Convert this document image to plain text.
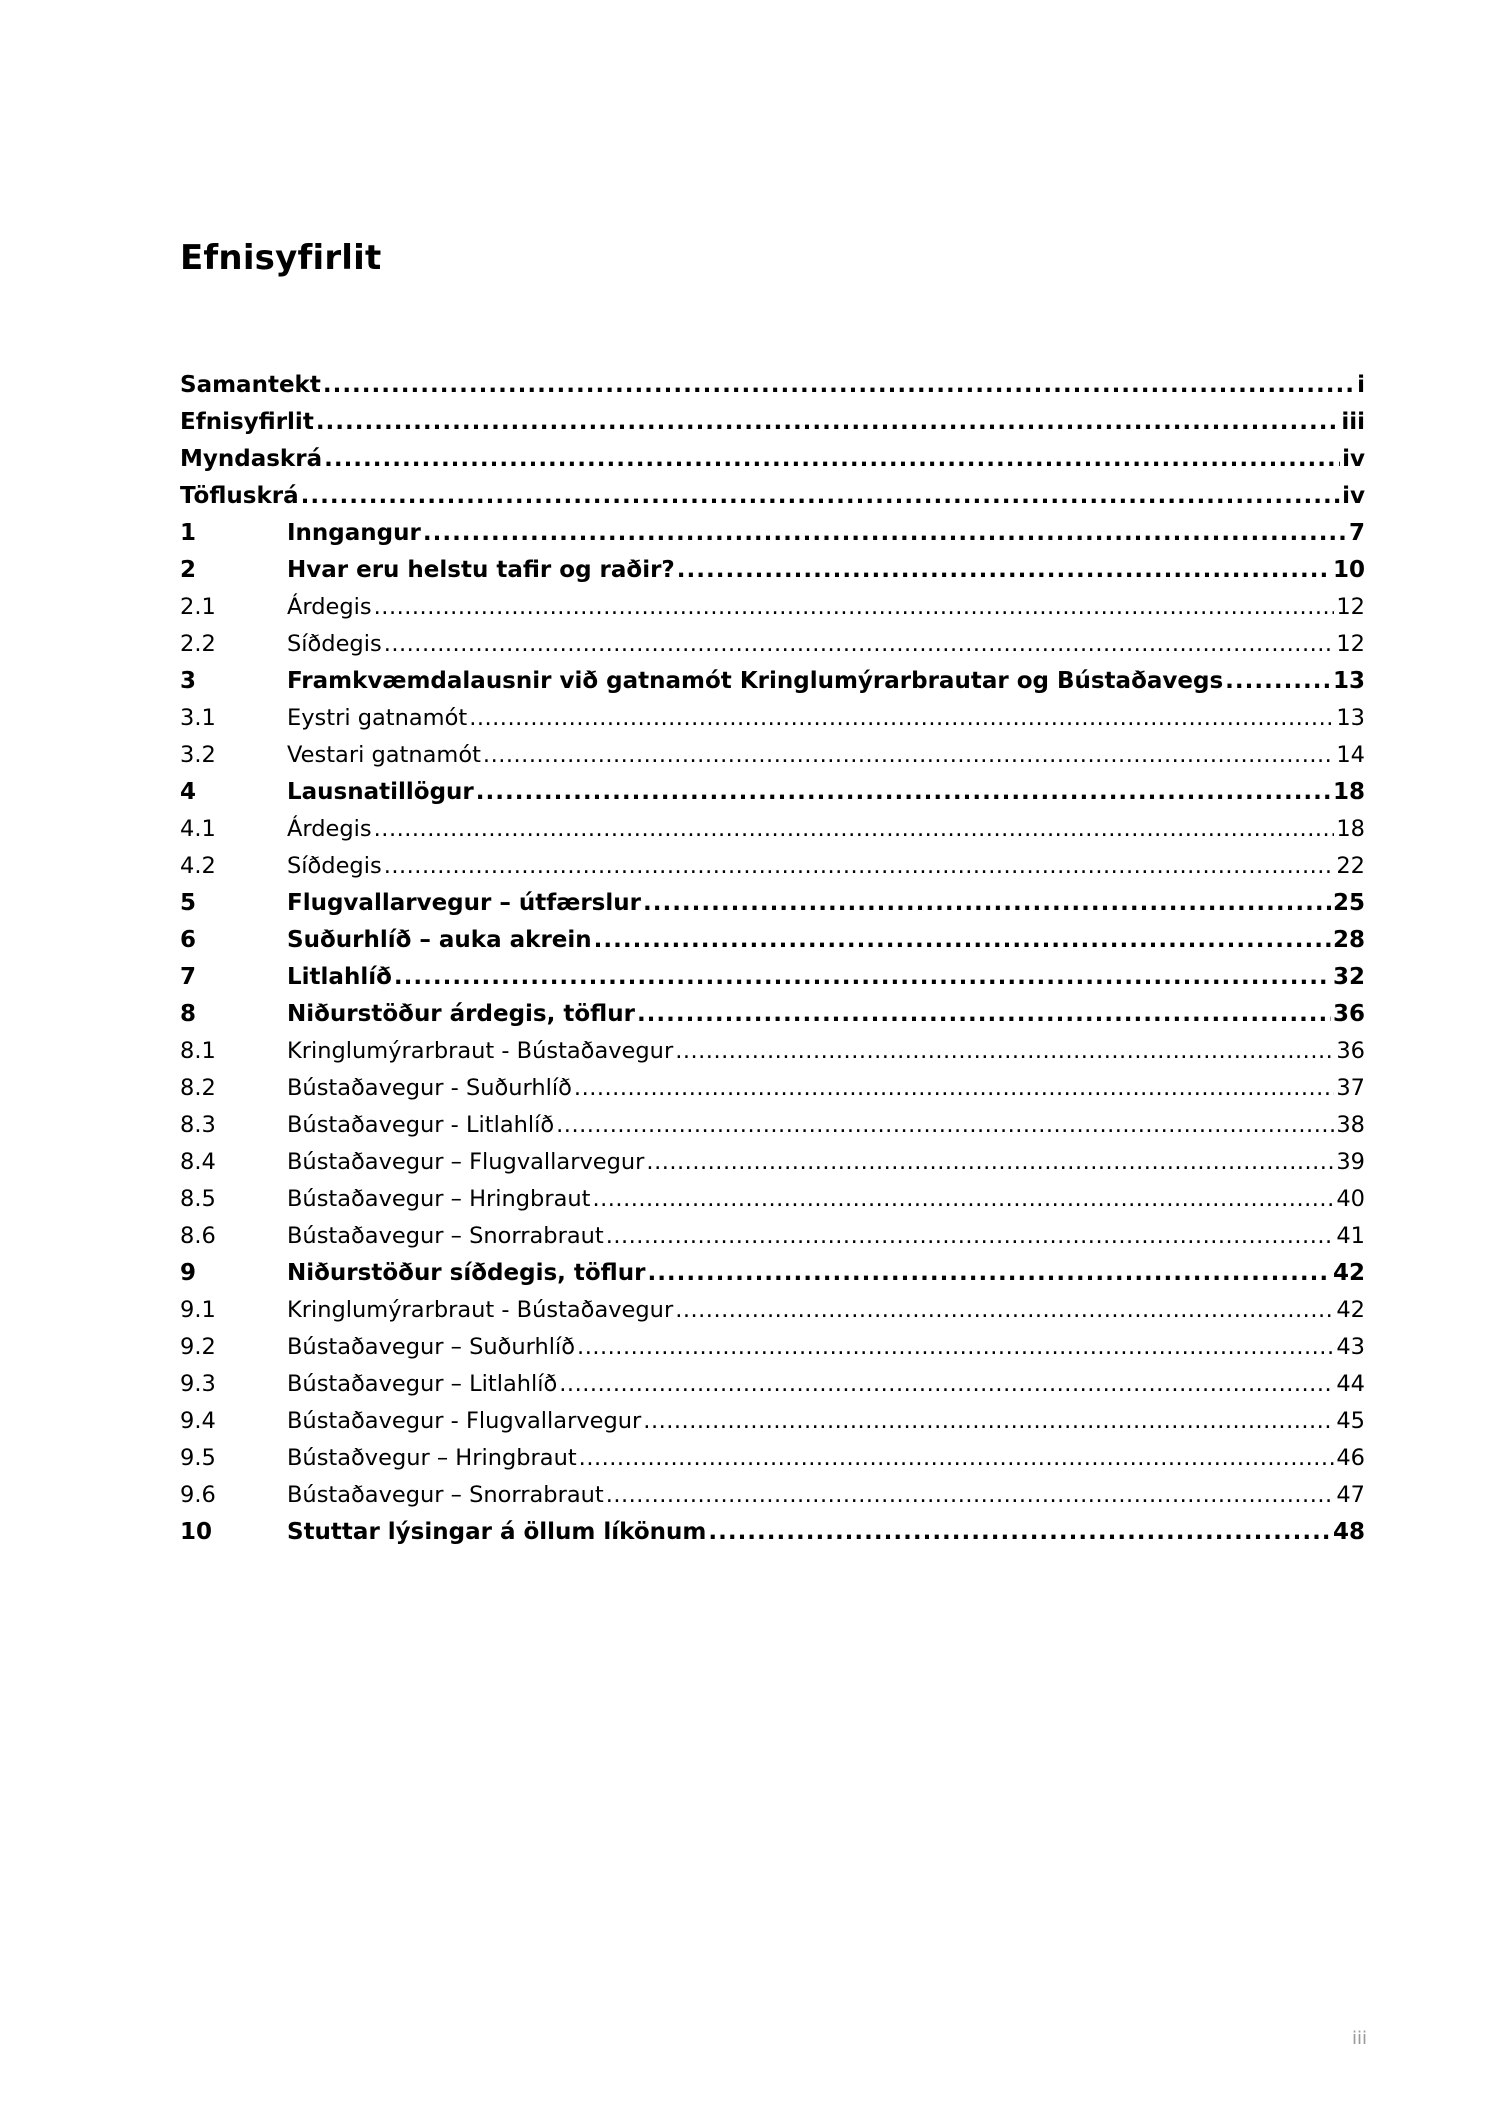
Efnisyfirlit
Samantekt .....	i
Efnisyfirlit .....	iii
Myndaskrá .....	iv
Töfluskrá .....	iv
1	Inngangur .....	7
2	Hvar eru helstu tafir og raðir? .....	10
2.1	Árdegis .....	12
2.2	Síðdegis .....	12
3	Framkvæmdalausnir við gatnamót Kringlumýrarbrautar og Bústaðavegs .....	13
3.1	Eystri gatnamót .....	13
3.2	Vestari gatnamót .....	14
4	Lausnatillögur .....	18
4.1	Árdegis .....	18
4.2	Síðdegis .....	22
5	Flugvallarvegur – útfærslur .....	25
6	Suðurhlíð – auka akrein .....	28
7	Litlahlíð .....	32
8	Niðurstöður árdegis, töflur .....	36
8.1	Kringlumýrarbraut - Bústaðavegur .....	36
8.2	Bústaðavegur - Suðurhlíð .....	37
8.3	Bústaðavegur - Litlahlíð .....	38
8.4	Bústaðavegur – Flugvallarvegur .....	39
8.5	Bústaðavegur – Hringbraut .....	40
8.6	Bústaðavegur – Snorrabraut .....	41
9	Niðurstöður síðdegis, töflur .....	42
9.1	Kringlumýrarbraut - Bústaðavegur .....	42
9.2	Bústaðavegur – Suðurhlíð .....	43
9.3	Bústaðavegur – Litlahlíð .....	44
9.4	Bústaðavegur - Flugvallarvegur .....	45
9.5	Bústaðvegur – Hringbraut .....	46
9.6	Bústaðavegur – Snorrabraut .....	47
10	Stuttar lýsingar á öllum líkönum .....	48
iii
